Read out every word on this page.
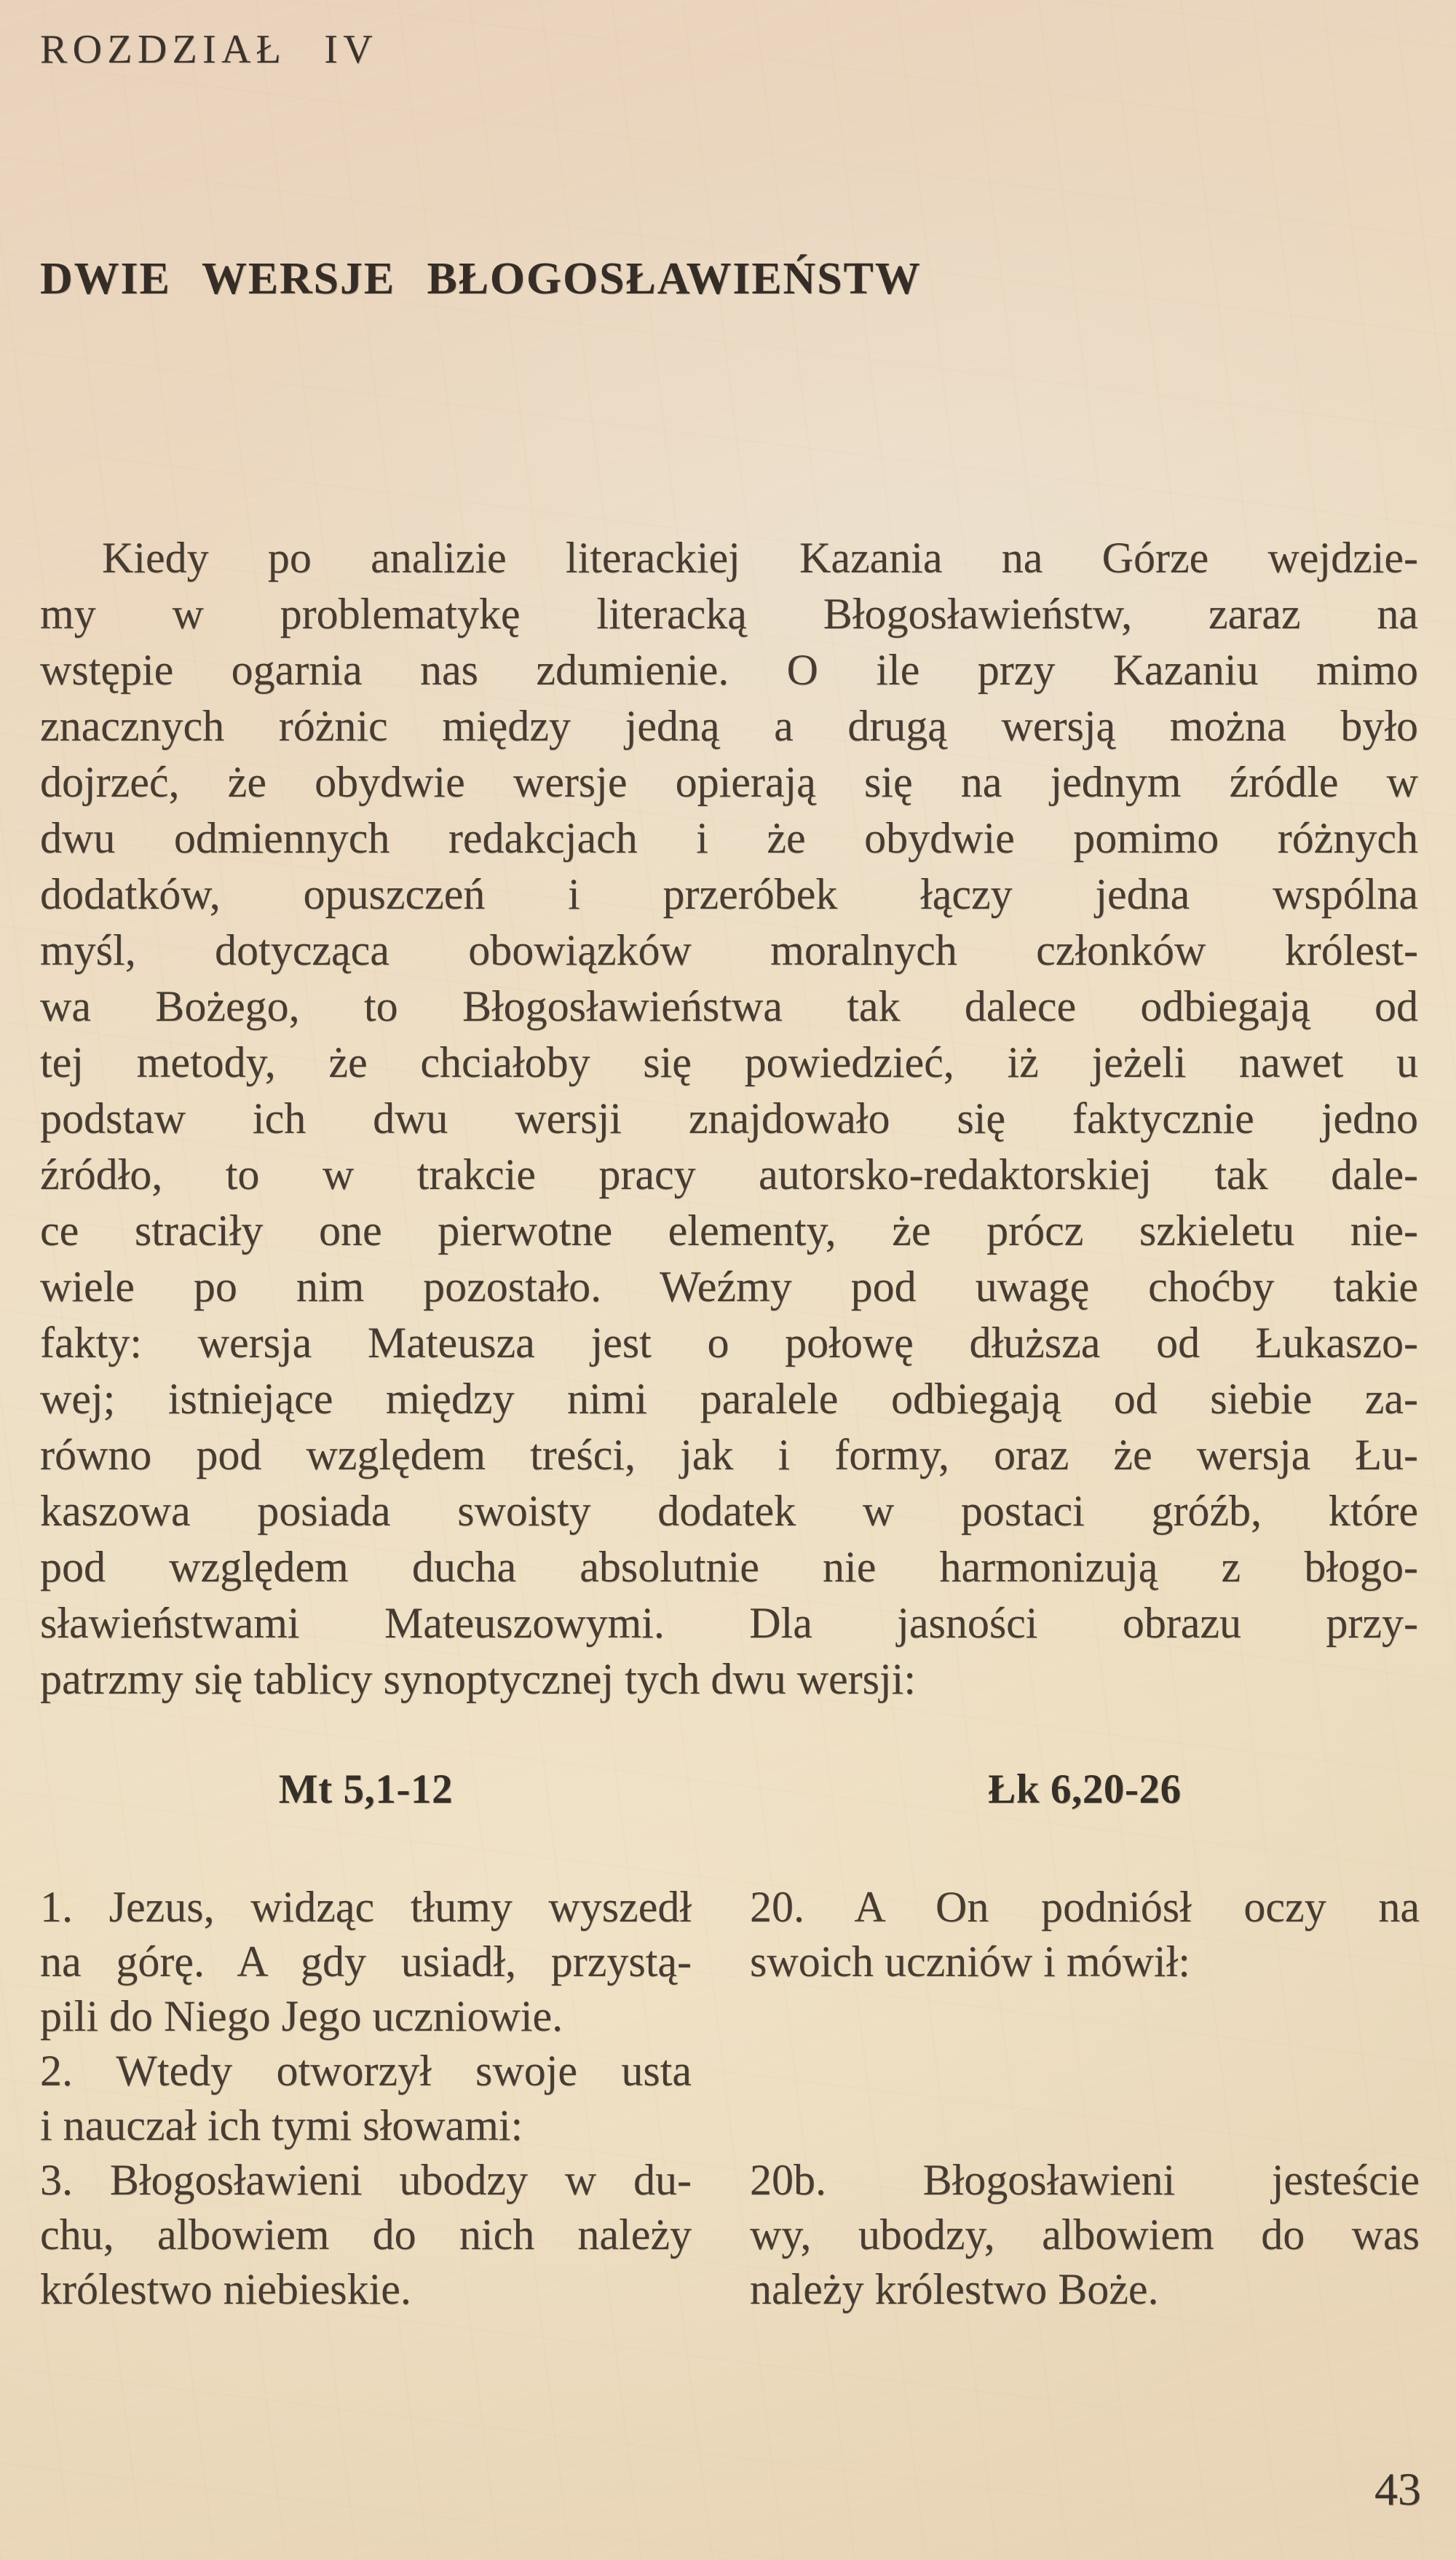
ROZDZIAŁ IV
DWIE WERSJE BŁOGOSŁAWIEŃSTW
Kiedy po analizie literackiej Kazania na Górze wejdzie-
my w problematykę literacką Błogosławieństw, zaraz na
wstępie ogarnia nas zdumienie. O ile przy Kazaniu mimo
znacznych różnic między jedną a drugą wersją można było
dojrzeć, że obydwie wersje opierają się na jednym źródle w
dwu odmiennych redakcjach i że obydwie pomimo różnych
dodatków, opuszczeń i przeróbek łączy jedna wspólna
myśl, dotycząca obowiązków moralnych członków królest-
wa Bożego, to Błogosławieństwa tak dalece odbiegają od
tej metody, że chciałoby się powiedzieć, iż jeżeli nawet u
podstaw ich dwu wersji znajdowało się faktycznie jedno
źródło, to w trakcie pracy autorsko-redaktorskiej tak dale-
ce straciły one pierwotne elementy, że prócz szkieletu nie-
wiele po nim pozostało. Weźmy pod uwagę choćby takie
fakty: wersja Mateusza jest o połowę dłuższa od Łukaszo-
wej; istniejące między nimi paralele odbiegają od siebie za-
równo pod względem treści, jak i formy, oraz że wersja Łu-
kaszowa posiada swoisty dodatek w postaci gróźb, które
pod względem ducha absolutnie nie harmonizują z błogo-
sławieństwami Mateuszowymi. Dla jasności obrazu przy-
patrzmy się tablicy synoptycznej tych dwu wersji:
Mt 5,1-12	Łk 6,20-26
1. Jezus, widząc tłumy wyszedł
na górę. A gdy usiadł, przystą-
pili do Niego Jego uczniowie.
2. Wtedy otworzył swoje usta
i nauczał ich tymi słowami:
20. A On podniósł oczy na
swoich uczniów i mówił:
3. Błogosławieni ubodzy w du-
chu, albowiem do nich należy
królestwo niebieskie.
20b. Błogosławieni jesteście
wy, ubodzy, albowiem do was
należy królestwo Boże.
43
